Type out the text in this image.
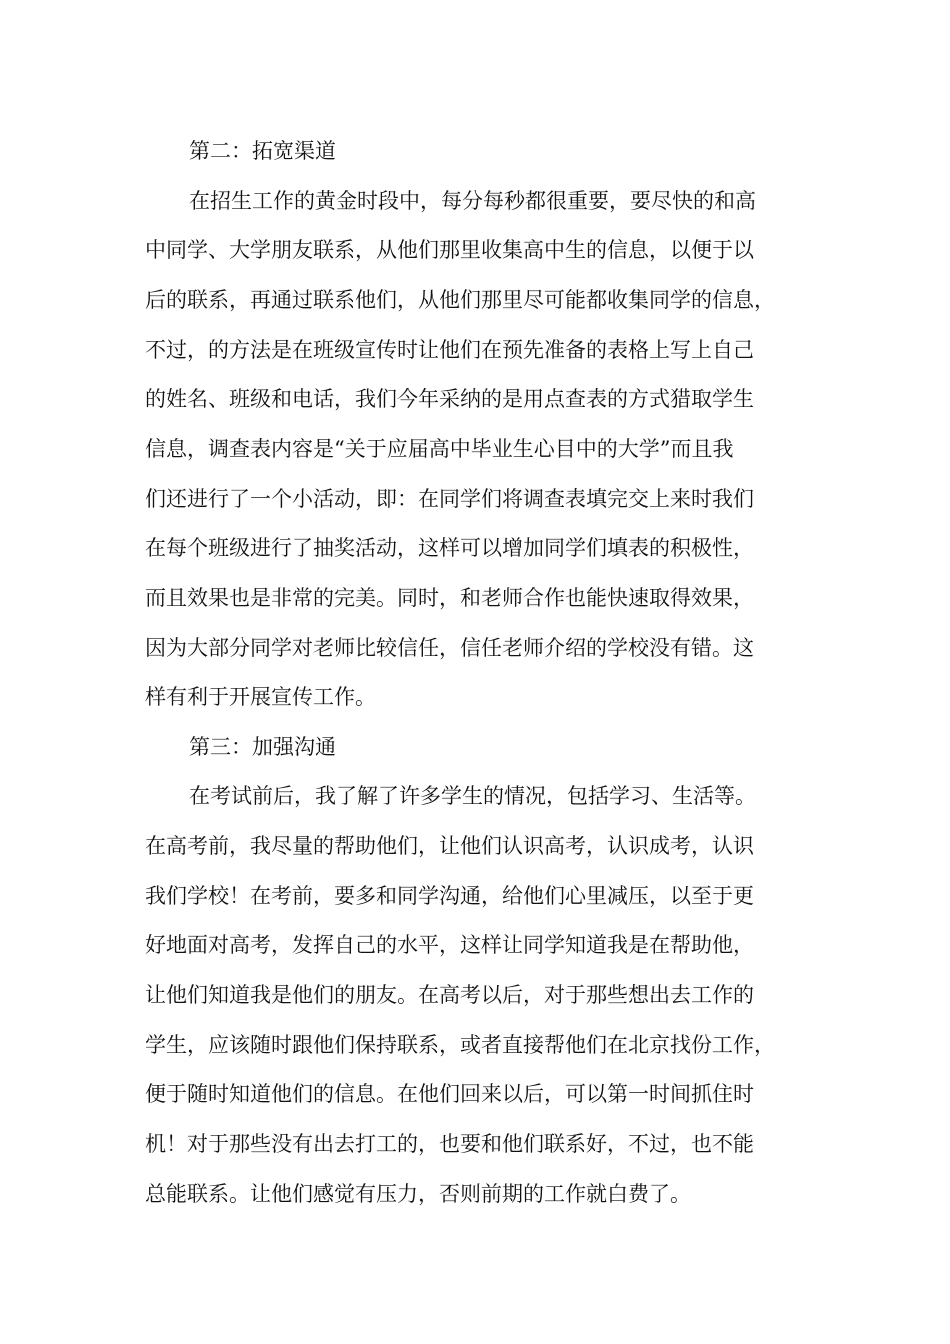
第二：拓宽渠道
在招生工作的黄金时段中，每分每秒都很重要，要尽快的和高
中同学、大学朋友联系，从他们那里收集高中生的信息，以便于以
后的联系，再通过联系他们，从他们那里尽可能都收集同学的信息，
不过，的方法是在班级宣传时让他们在预先准备的表格上写上自己
的姓名、班级和电话，我们今年采纳的是用点查表的方式猎取学生
信息，调查表内容是“关于应届高中毕业生心目中的大学”而且我
们还进行了一个小活动，即：在同学们将调查表填完交上来时我们
在每个班级进行了抽奖活动，这样可以增加同学们填表的积极性，
而且效果也是非常的完美。同时，和老师合作也能快速取得效果，
因为大部分同学对老师比较信任，信任老师介绍的学校没有错。这
样有利于开展宣传工作。
第三：加强沟通
在考试前后，我了解了许多学生的情况，包括学习、生活等。
在高考前，我尽量的帮助他们，让他们认识高考，认识成考，认识
我们学校！在考前，要多和同学沟通，给他们心里减压，以至于更
好地面对高考，发挥自己的水平，这样让同学知道我是在帮助他，
让他们知道我是他们的朋友。在高考以后，对于那些想出去工作的
学生，应该随时跟他们保持联系，或者直接帮他们在北京找份工作，
便于随时知道他们的信息。在他们回来以后，可以第一时间抓住时
机！对于那些没有出去打工的，也要和他们联系好，不过，也不能
总能联系。让他们感觉有压力，否则前期的工作就白费了。
